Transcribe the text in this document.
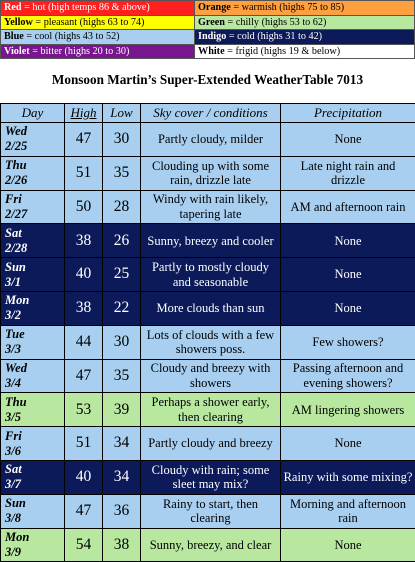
Red = hot (high temps 86 & above)	Orange = warmish (highs 75 to 85)
Yellow = pleasant (highs 63 to 74)	Green = chilly (highs 53 to 62)
Blue = cool (highs 43 to 52)	Indigo = cold (highs 31 to 42)
Violet = bitter (highs 20 to 30)	White = frigid (highs 19 & below)
Monsoon Martin’s Super-Extended WeatherTable 7013
Day	High	Low	Sky cover / conditions	Precipitation

Wed
2/25	47	30	Partly cloudy, milder	None

Thu
2/26	51	35	Clouding up with some rain, drizzle late	Late night rain and drizzle

Fri
2/27	50	28	Windy with rain likely, tapering late	AM and afternoon rain

Sat
2/28	38	26	Sunny, breezy and cooler	None

Sun
3/1	40	25	Partly to mostly cloudy and seasonable	None

Mon
3/2	38	22	More clouds than sun	None

Tue
3/3	44	30	Lots of clouds with a few showers poss.	Few showers?

Wed
3/4	47	35	Cloudy and breezy with showers	Passing afternoon and evening showers?

Thu
3/5	53	39	Perhaps a shower early, then clearing	AM lingering showers

Fri
3/6	51	34	Partly cloudy and breezy	None

Sat
3/7	40	34	Cloudy with rain; some sleet may mix?	Rainy with some mixing?

Sun
3/8	47	36	Rainy to start, then clearing	Morning and afternoon rain

Mon
3/9	54	38	Sunny, breezy, and clear	None
